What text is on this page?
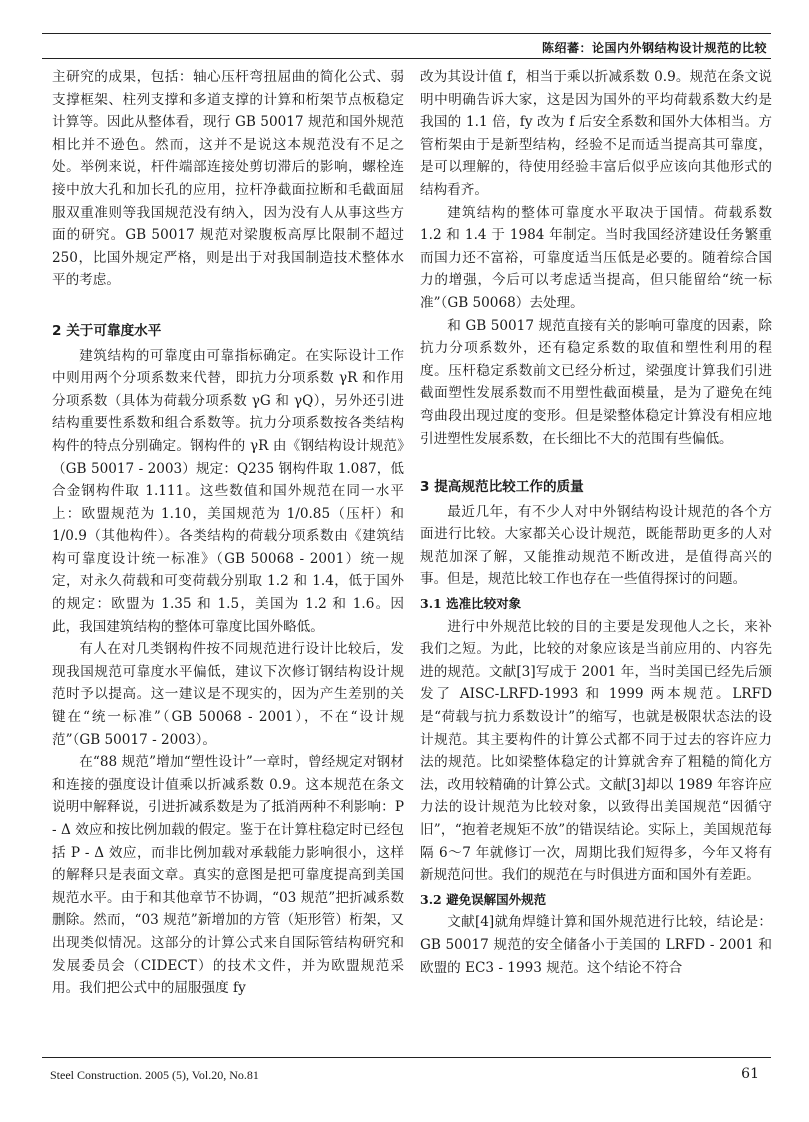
陈绍蕃：论国内外钢结构设计规范的比较

主研究的成果，包括：轴心压杆弯扭屈曲的简化公式、弱支撑框架、柱列支撑和多道支撑的计算和桁架节点板稳定计算等。因此从整体看，现行 GB 50017 规范和国外规范相比并不逊色。然而，这并不是说这本规范没有不足之处。举例来说，杆件端部连接处剪切滞后的影响，螺栓连接中放大孔和加长孔的应用，拉杆净截面拉断和毛截面屈服双重准则等我国规范没有纳入，因为没有人从事这些方面的研究。GB 50017 规范对梁腹板高厚比限制不超过 250，比国外规定严格，则是出于对我国制造技术整体水平的考虑。

2 关于可靠度水平

建筑结构的可靠度由可靠指标确定。在实际设计工作中则用两个分项系数来代替，即抗力分项系数 γR 和作用分项系数（具体为荷载分项系数 γG 和 γQ），另外还引进结构重要性系数和组合系数等。抗力分项系数按各类结构构件的特点分别确定。钢构件的 γR 由《钢结构设计规范》（GB 50017 - 2003）规定：Q235 钢构件取 1.087，低合金钢构件取 1.111。这些数值和国外规范在同一水平上：欧盟规范为 1.10，美国规范为 1/0.85（压杆）和 1/0.9（其他构件）。各类结构的荷载分项系数由《建筑结构可靠度设计统一标准》（GB 50068 - 2001）统一规定，对永久荷载和可变荷载分别取 1.2 和 1.4，低于国外的规定：欧盟为 1.35 和 1.5，美国为 1.2 和 1.6。因此，我国建筑结构的整体可靠度比国外略低。

有人在对几类钢构件按不同规范进行设计比较后，发现我国规范可靠度水平偏低，建议下次修订钢结构设计规范时予以提高。这一建议是不现实的，因为产生差别的关键在“统一标准”（GB 50068 - 2001），不在“设计规范”（GB 50017 - 2003）。

在“88 规范”增加“塑性设计”一章时，曾经规定对钢材和连接的强度设计值乘以折减系数 0.9。这本规范在条文说明中解释说，引进折减系数是为了抵消两种不利影响：P - Δ 效应和按比例加载的假定。鉴于在计算柱稳定时已经包括 P - Δ 效应，而非比例加载对承载能力影响很小，这样的解释只是表面文章。真实的意图是把可靠度提高到美国规范水平。由于和其他章节不协调，“03 规范”把折减系数删除。然而，“03 规范”新增加的方管（矩形管）桁架，又出现类似情况。这部分的计算公式来自国际管结构研究和发展委员会（CIDECT）的技术文件，并为欧盟规范采用。我们把公式中的屈服强度 fy

改为其设计值 f，相当于乘以折减系数 0.9。规范在条文说明中明确告诉大家，这是因为国外的平均荷载系数大约是我国的 1.1 倍，fy 改为 f 后安全系数和国外大体相当。方管桁架由于是新型结构，经验不足而适当提高其可靠度，是可以理解的，待使用经验丰富后似乎应该向其他形式的结构看齐。

建筑结构的整体可靠度水平取决于国情。荷载系数 1.2 和 1.4 于 1984 年制定。当时我国经济建设任务繁重而国力还不富裕，可靠度适当压低是必要的。随着综合国力的增强，今后可以考虑适当提高，但只能留给“统一标准”（GB 50068）去处理。

和 GB 50017 规范直接有关的影响可靠度的因素，除抗力分项系数外，还有稳定系数的取值和塑性利用的程度。压杆稳定系数前文已经分析过，梁强度计算我们引进截面塑性发展系数而不用塑性截面模量，是为了避免在纯弯曲段出现过度的变形。但是梁整体稳定计算没有相应地引进塑性发展系数，在长细比不大的范围有些偏低。

3 提高规范比较工作的质量

最近几年，有不少人对中外钢结构设计规范的各个方面进行比较。大家都关心设计规范，既能帮助更多的人对规范加深了解，又能推动规范不断改进，是值得高兴的事。但是，规范比较工作也存在一些值得探讨的问题。

3.1 选准比较对象

进行中外规范比较的目的主要是发现他人之长，来补我们之短。为此，比较的对象应该是当前应用的、内容先进的规范。文献[3]写成于 2001 年，当时美国已经先后颁发了 AISC-LRFD-1993 和 1999 两本规范。LRFD 是“荷载与抗力系数设计”的缩写，也就是极限状态法的设计规范。其主要构件的计算公式都不同于过去的容许应力法的规范。比如梁整体稳定的计算就舍弃了粗糙的简化方法，改用较精确的计算公式。文献[3]却以 1989 年容许应力法的设计规范为比较对象，以致得出美国规范“因循守旧”，“抱着老规矩不放”的错误结论。实际上，美国规范每隔 6～7 年就修订一次，周期比我们短得多，今年又将有新规范问世。我们的规范在与时俱进方面和国外有差距。

3.2 避免误解国外规范

文献[4]就角焊缝计算和国外规范进行比较，结论是：GB 50017 规范的安全储备小于美国的 LRFD - 2001 和欧盟的 EC3 - 1993 规范。这个结论不符合

Steel Construction. 2005 (5), Vol.20, No.81	61
